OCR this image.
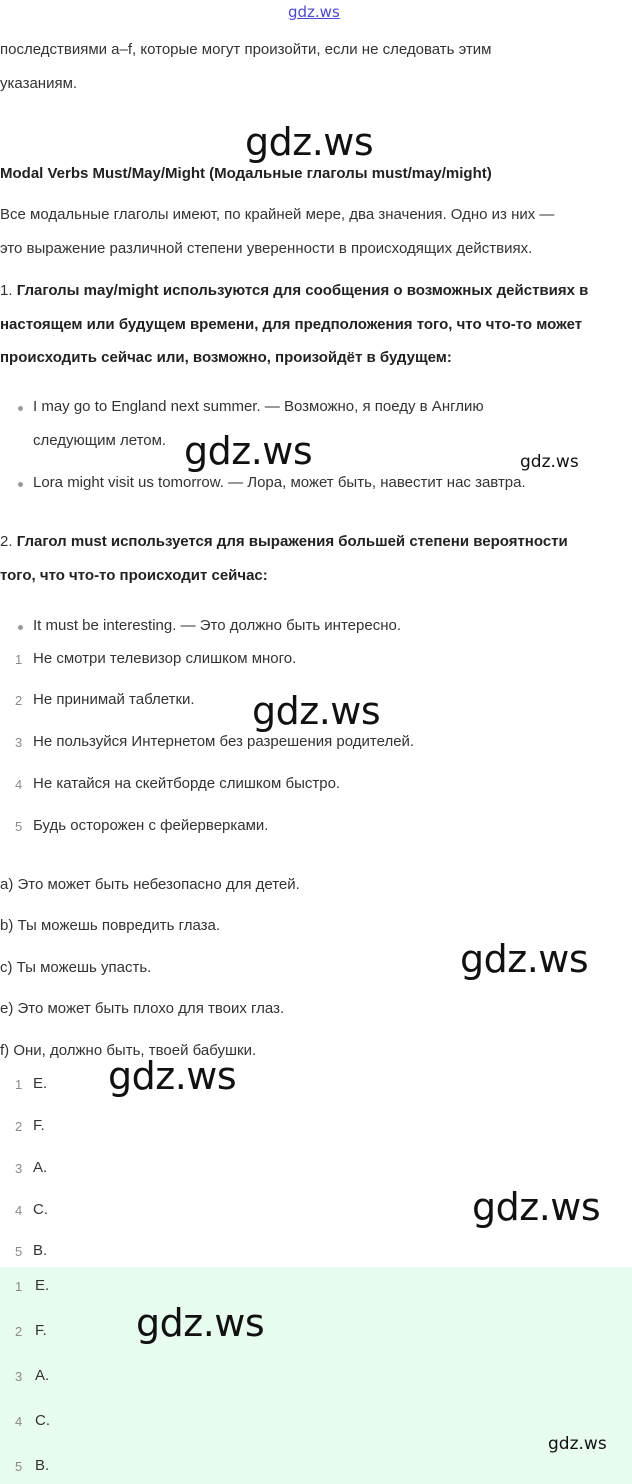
gdz.ws
последствиями a–f, которые могут произойти, если не следовать этим
указаниям.
Modal Verbs Must/May/Might (Модальные глаголы must/may/might)
Все модальные глаголы имеют, по крайней мере, два значения. Одно из них —
это выражение различной степени уверенности в происходящих действиях.
1. Глаголы may/might используются для сообщения о возможных действиях в
настоящем или будущем времени, для предположения того, что что-то может
происходить сейчас или, возможно, произойдёт в будущем:
I may go to England next summer. — Возможно, я поеду в Англию
следующим летом.
Lora might visit us tomorrow. — Лора, может быть, навестит нас завтра.
2. Глагол must используется для выражения большей степени вероятности
того, что что-то происходит сейчас:
It must be interesting. — Это должно быть интересно.
1 Не смотри телевизор слишком много.
2 Не принимай таблетки.
3 Не пользуйся Интернетом без разрешения родителей.
4 Не катайся на скейтборде слишком быстро.
5 Будь осторожен с фейерверками.
a) Это может быть небезопасно для детей.
b) Ты можешь повредить глаза.
c) Ты можешь упасть.
e) Это может быть плохо для твоих глаз.
f) Они, должно быть, твоей бабушки.
1 E.
2 F.
3 A.
4 C.
5 B.
1 E.
2 F.
3 A.
4 C.
5 B.
gdz.ws
gdz.ws	gdz.ws
gdz.ws
gdz.ws
gdz.ws
gdz.ws
gdz.ws
gdz.ws
